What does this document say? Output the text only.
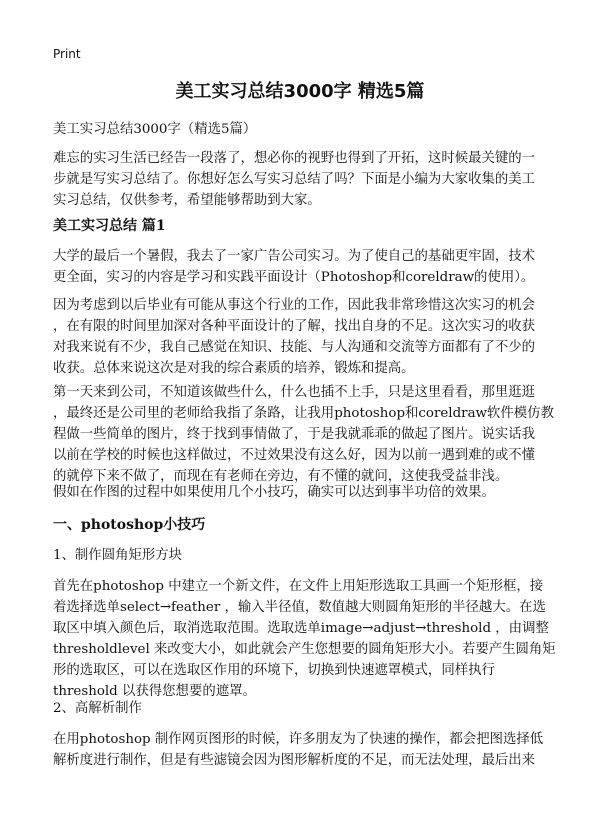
Print
美工实习总结3000字 精选5篇
美工实习总结3000字（精选5篇）
难忘的实习生活已经告一段落了，想必你的视野也得到了开拓，这时候最关键的一
步就是写实习总结了。你想好怎么写实习总结了吗？下面是小编为大家收集的美工
实习总结，仅供参考，希望能够帮助到大家。
美工实习总结 篇1
大学的最后一个暑假，我去了一家广告公司实习。为了使自己的基础更牢固，技术
更全面，实习的内容是学习和实践平面设计（Photoshop和coreldraw的使用）。
因为考虑到以后毕业有可能从事这个行业的工作，因此我非常珍惜这次实习的机会
，在有限的时间里加深对各种平面设计的了解，找出自身的不足。这次实习的收获
对我来说有不少，我自己感觉在知识、技能、与人沟通和交流等方面都有了不少的
收获。总体来说这次是对我的综合素质的培养，锻炼和提高。
第一天来到公司，不知道该做些什么，什么也插不上手，只是这里看看，那里逛逛
，最终还是公司里的老师给我指了条路，让我用photoshop和coreldraw软件模仿教
程做一些简单的图片，终于找到事情做了，于是我就乖乖的做起了图片。说实话我
以前在学校的时候也这样做过，不过效果没有这么好，因为以前一遇到难的或不懂
的就停下来不做了，而现在有老师在旁边，有不懂的就问，这使我受益非浅。
假如在作图的过程中如果使用几个小技巧，确实可以达到事半功倍的效果。
一、photoshop小技巧
1、制作圆角矩形方块
首先在photoshop 中建立一个新文件，在文件上用矩形选取工具画一个矩形框，接
着选择选单select→feather ，输入半径值，数值越大则圆角矩形的半径越大。在选
取区中填入颜色后，取消选取范围。选取选单image→adjust→threshold ，由调整
thresholdlevel 来改变大小，如此就会产生您想要的圆角矩形大小。若要产生圆角矩
形的选取区，可以在选取区作用的环境下，切换到快速遮罩模式，同样执行
threshold 以获得您想要的遮罩。
2、高解析制作
在用photoshop 制作网页图形的时候，许多朋友为了快速的操作，都会把图选择低
解析度进行制作，但是有些滤镜会因为图形解析度的不足，而无法处理，最后出来
